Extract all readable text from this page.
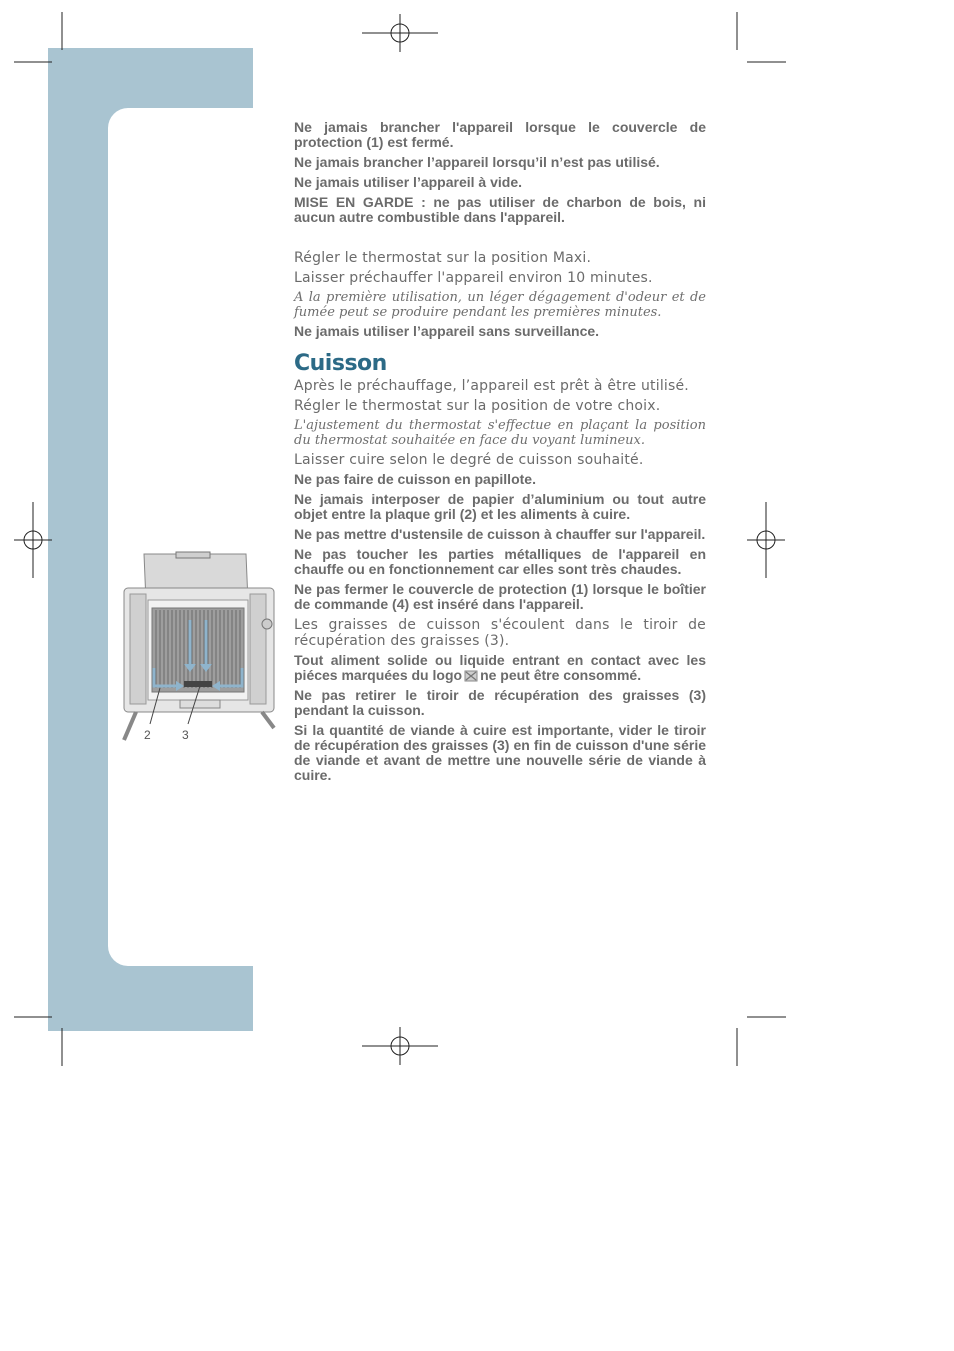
2	3

Ne jamais brancher l'appareil lorsque le couvercle de protection (1) est fermé.

Ne jamais brancher l’appareil lorsqu’il n’est pas utilisé.

Ne jamais utiliser l’appareil à vide.

MISE EN GARDE : ne pas utiliser de charbon de bois, ni aucun autre combustible dans l'appareil.

Régler le thermostat sur la position Maxi.

Laisser préchauffer l'appareil environ 10 minutes.

A la première utilisation, un léger dégagement d'odeur et de fumée peut se produire pendant les premières minutes.

Ne jamais utiliser l’appareil sans surveillance.

Cuisson

Après le préchauffage, l’appareil est prêt à être utilisé.

Régler le thermostat sur la position de votre choix.

L'ajustement du thermostat s'effectue en plaçant la position du thermostat souhaitée en face du voyant lumineux.

Laisser cuire selon le degré de cuisson souhaité.

Ne pas faire de cuisson en papillote.

Ne jamais interposer de papier d’aluminium ou tout autre objet entre la plaque gril (2) et les aliments à cuire.

Ne pas mettre d'ustensile de cuisson à chauffer sur l'appareil.

Ne pas toucher les parties métalliques de l'appareil en chauffe ou en fonctionnement car elles sont très chaudes.

Ne pas fermer le couvercle de protection (1) lorsque le boîtier de commande (4) est inséré dans l'appareil.

Les graisses de cuisson s'écoulent dans le tiroir de récupération des graisses (3).

Tout aliment solide ou liquide entrant en contact avec les piéces marquées du logo ne peut être consommé.

Ne pas retirer le tiroir de récupération des graisses (3) pendant la cuisson.

Si la quantité de viande à cuire est importante, vider le tiroir de récupération des graisses (3) en fin de cuisson d'une série de viande et avant de mettre une nouvelle série de viande à cuire.
